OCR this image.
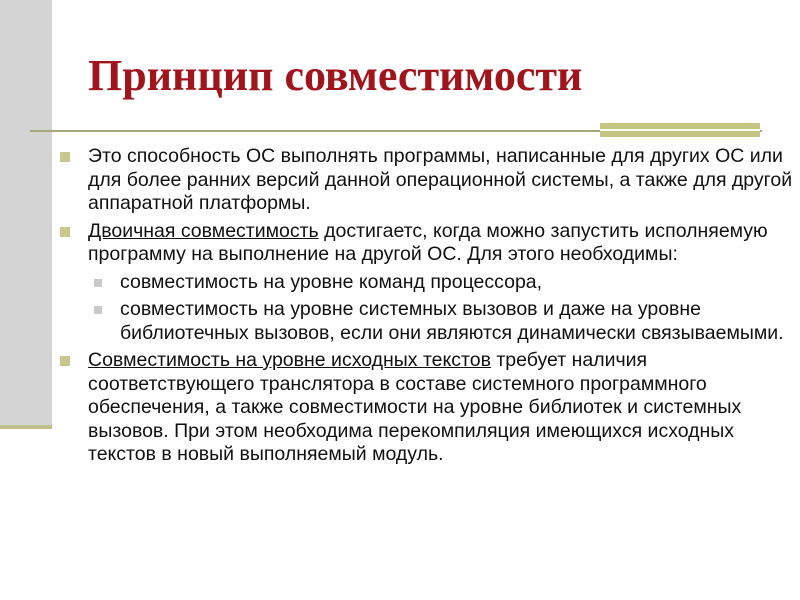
Принцип совместимости
Это способность ОС выполнять программы, написанные для других ОС или для более ранних версий данной операционной системы, а также для другой аппаратной платформы.
Двоичная совместимость достигаетс, когда можно запустить исполняемую программу на выполнение на другой ОС. Для этого необходимы:
совместимость на уровне команд процессора,
совместимость на уровне системных вызовов и даже на уровне библиотечных вызовов, если они являются динамически связываемыми.
Совместимость на уровне исходных текстов требует наличия соответствующего транслятора в составе системного программного обеспечения, а также совместимости на уровне библиотек и системных вызовов. При этом необходима перекомпиляция имеющихся исходных текстов в новый выполняемый модуль.
